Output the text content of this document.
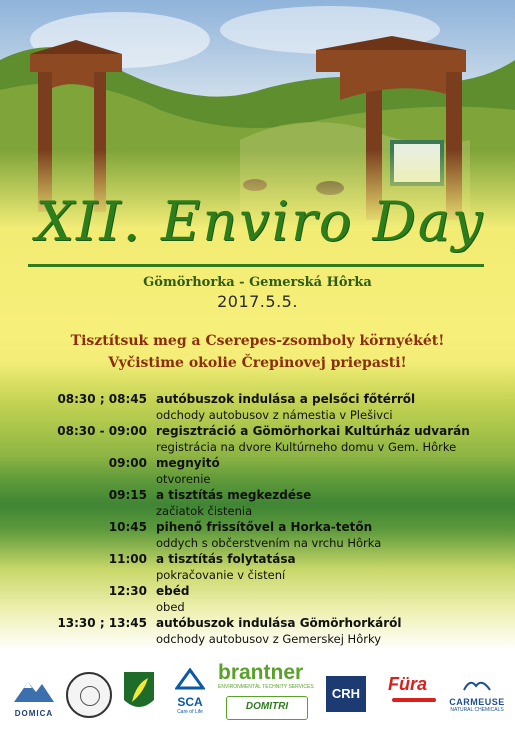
XII. Enviro Day
Gömörhorka - Gemerská Hôrka
2017.5.5.
Tisztítsuk meg a Cserepes-zsomboly környékét!
Vyčistime okolie Črepinovej priepasti!
08:30 ; 08:45 autóbuszok indulása a pelsőci főtérről
odchody autobusov z námestia v Plešivci
08:30 - 09:00 regisztráció a Gömörhorkai Kultúrház udvarán
registrácia na dvore Kultúrneho domu v Gem. Hôrke
09:00 megnyitó
otvorenie
09:15 a tisztítás megkezdése
začiatok čistenia
10:45 pihenő frissítővel a Horka-tetőn
oddych s občerstvením na vrchu Hôrka
11:00 a tisztítás folytatása
pokračovanie v čistení
12:30 ebéd
obed
13:30 ; 13:45 autóbuszok indulása Gömörhorkáról
odchody autobusov z Gemerskej Hôrky
DOMICA
SCA
Care of Life
brantner
ENVIRONMENTÁL TECHNITY SERVICES
DOMITRI
CRH	Füra
CARMEUSE
NATURAL CHEMICALS
